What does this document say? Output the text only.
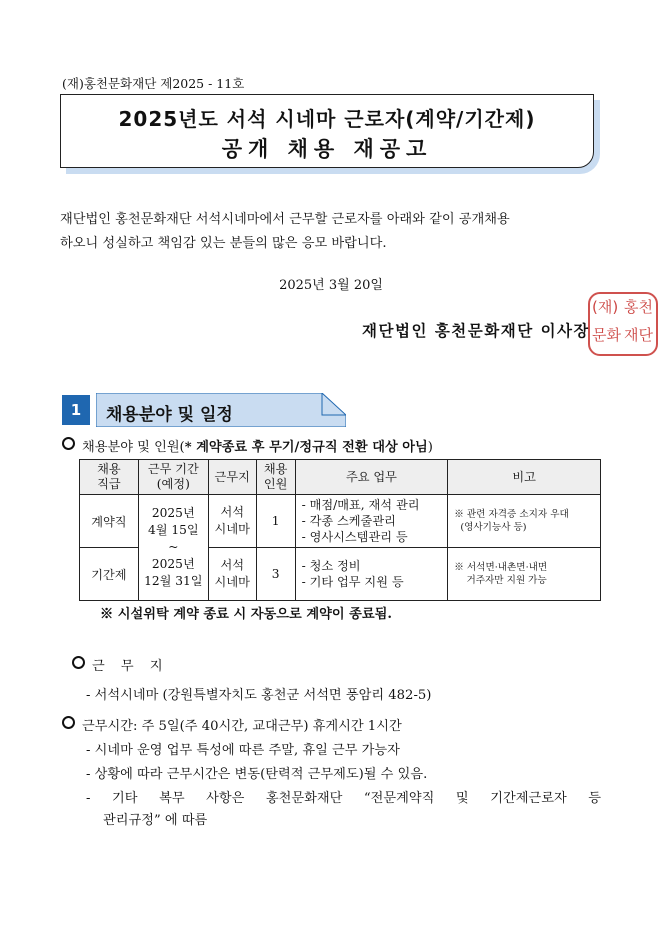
(재)홍천문화재단 제2025 - 11호
2025년도 서석 시네마 근로자(계약/기간제)
공개 채용 재공고
재단법인 홍천문화재단 서석시네마에서 근무할 근로자를 아래와 같이 공개채용
하오니 성실하고 책임감 있는 분들의 많은 응모 바랍니다.
2025년 3월 20일
재단법인 홍천문화재단 이사장
(재) 홍천
문화 재단
1	채용분야 및 일정
채용분야 및 인원(* 계약종료 후 무기/정규직 전환 대상 아님)
채용
직급	근무 기간
(예정)	근무지	채용
인원	주요 업무	비고
계약직	2025년
4월 15일
~
2025년
12월 31일	서석
시네마	1	- 매점/매표, 재석 관리
- 각종 스케줄관리
- 영사시스템관리 등	※ 관련 자격증 소지자 우대
(영사기능사 등)
기간제		서석
시네마	3	- 청소 정비
- 기타 업무 지원 등	※ 서석면·내촌면·내면
거주자만 지원 가능
※ 시설위탁 계약 종료 시 자동으로 계약이 종료됨.
근 무 지
- 서석시네마 (강원특별자치도 홍천군 서석면 풍암리 482-5)
근무시간: 주 5일(주 40시간, 교대근무) 휴게시간 1시간
- 시네마 운영 업무 특성에 따른 주말, 휴일 근무 가능자
- 상황에 따라 근무시간은 변동(탄력적 근무제도)될 수 있음.
- 기타 복무 사항은 홍천문화재단 “전문계약직 및 기간제근로자 등
관리규정” 에 따름
